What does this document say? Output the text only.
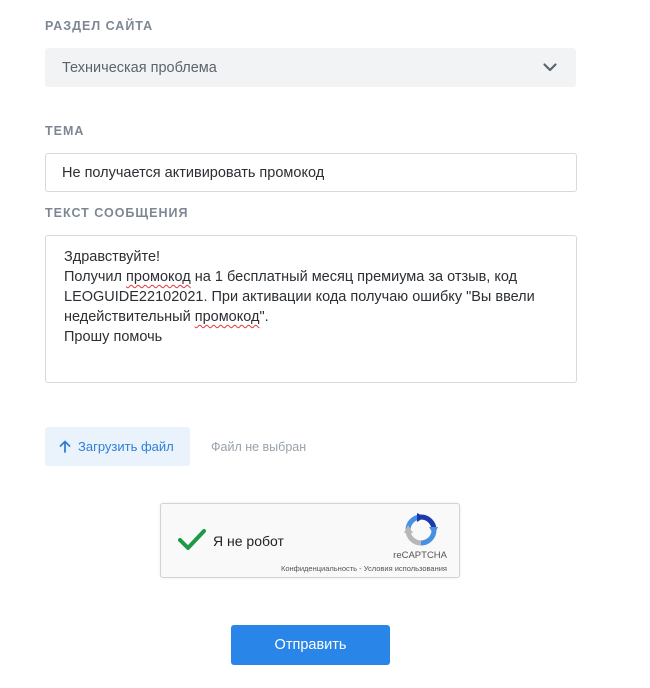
РАЗДЕЛ САЙТА
Техническая проблема
ТЕМА
Не получается активировать промокод
ТЕКСТ СООБЩЕНИЯ
Здравствуйте!
Получил промокод на 1 бесплатный месяц премиума за отзыв, код
LEOGUIDE22102021. При активации кода получаю ошибку "Вы ввели
недействительный промокод".
Прошу помочь
Загрузить файл	Файл не выбран
Я не робот
reCAPTCHA
Конфиденциальность - Условия использования
Отправить
